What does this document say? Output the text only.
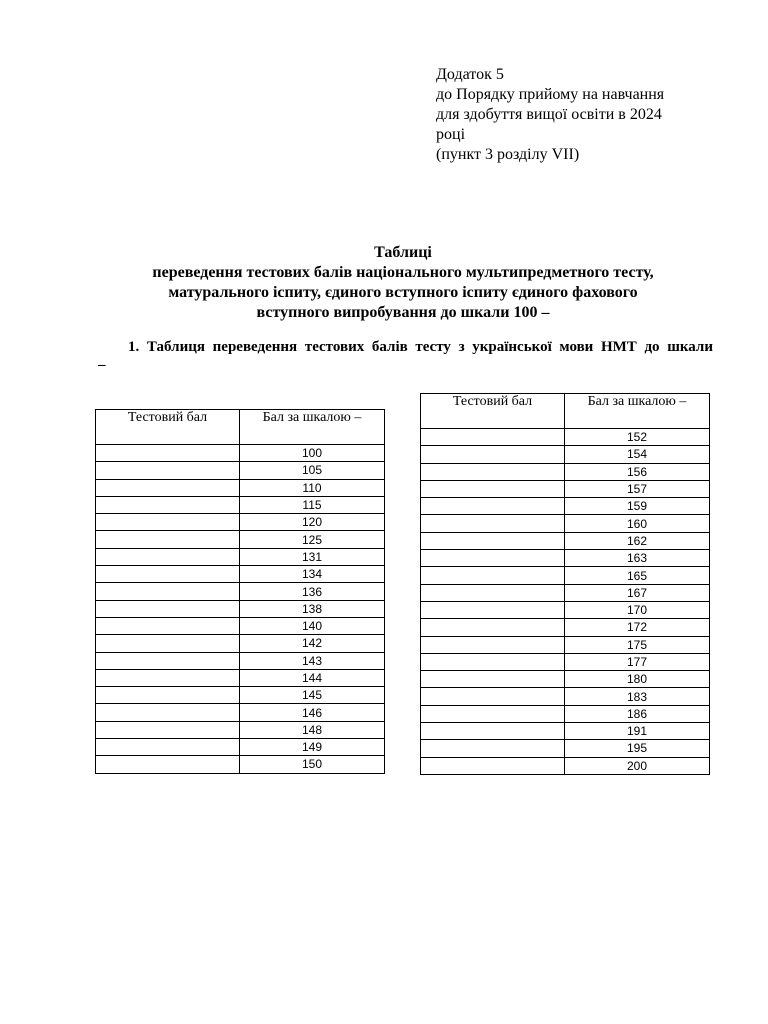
Додаток 5
до Порядку прийому на навчання
для здобуття вищої освіти в 2024
році
(пункт 3 розділу VII)
Таблиці
переведення тестових балів національного мультипредметного тесту,
матурального іспиту, єдиного вступного іспиту єдиного фахового
вступного випробування до шкали 100 –
1. Таблиця переведення тестових балів тесту з української мови НМТ до шкали
–
Тестовий бал	Бал за шкалою –
	100
	105
	110
	115
	120
	125
	131
	134
	136
	138
	140
	142
	143
	144
	145
	146
	148
	149
	150
Тестовий бал	Бал за шкалою –
	152
	154
	156
	157
	159
	160
	162
	163
	165
	167
	170
	172
	175
	177
	180
	183
	186
	191
	195
	200
